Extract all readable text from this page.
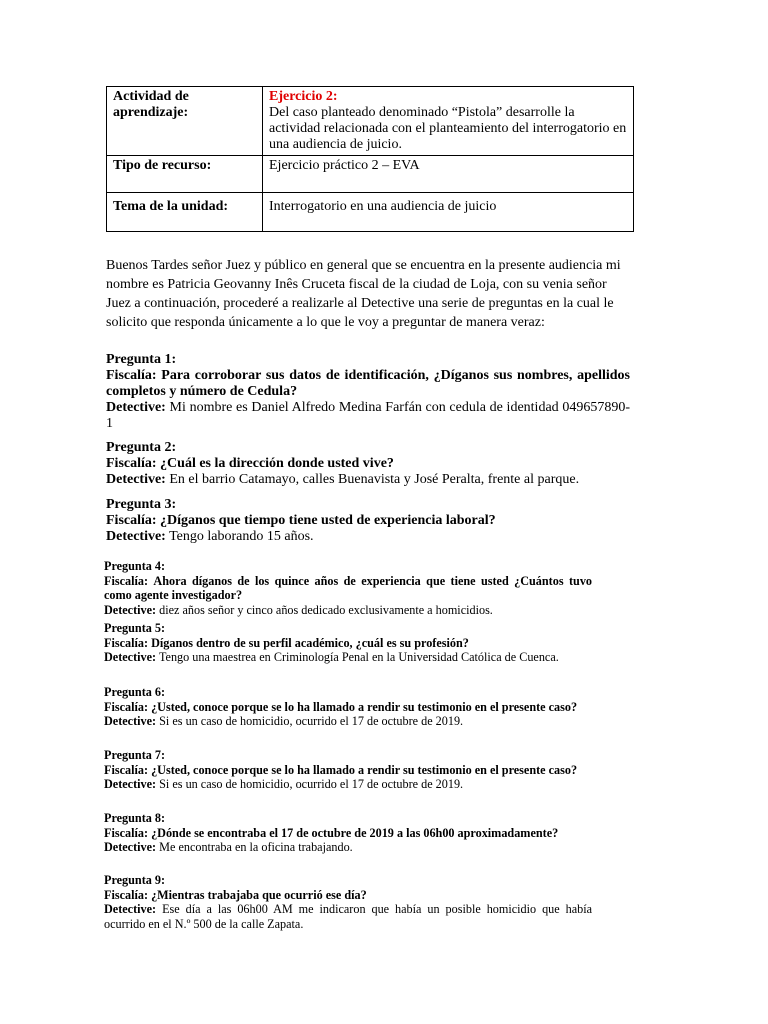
Actividad de aprendizaje:	Ejercicio 2:
Del caso planteado denominado “Pistola” desarrolle la actividad relacionada con el planteamiento del interrogatorio en una audiencia de juicio.

Tipo de recurso:	Ejercicio práctico 2 – EVA
Tema de la unidad:	Interrogatorio en una audiencia de juicio
Buenos Tardes señor Juez y público en general que se encuentra en la presente audiencia mi nombre es Patricia Geovanny Inês Cruceta fiscal de la ciudad de Loja, con su venia señor Juez a continuación, procederé a realizarle al Detective una serie de preguntas en la cual le solicito que responda únicamente a lo que le voy a preguntar de manera veraz:
Pregunta 1:
Fiscalía: Para corroborar sus datos de identificación, ¿Díganos sus nombres, apellidos completos y número de Cedula?
Detective: Mi nombre es Daniel Alfredo Medina Farfán con cedula de identidad 049657890-1
Pregunta 2:
Fiscalía: ¿Cuál es la dirección donde usted vive?
Detective: En el barrio Catamayo, calles Buenavista y José Peralta, frente al parque.
Pregunta 3:
Fiscalía: ¿Díganos que tiempo tiene usted de experiencia laboral?
Detective: Tengo laborando 15 años.
Pregunta 4:
Fiscalía: Ahora díganos de los quince años de experiencia que tiene usted ¿Cuántos tuvo como agente investigador?
Detective: diez años señor y cinco años dedicado exclusivamente a homicidios.
Pregunta 5:
Fiscalía: Díganos dentro de su perfil académico, ¿cuál es su profesión?
Detective: Tengo una maestrea en Criminología Penal en la Universidad Católica de Cuenca.
Pregunta 6:
Fiscalía: ¿Usted, conoce porque se lo ha llamado a rendir su testimonio en el presente caso?
Detective: Si es un caso de homicidio, ocurrido el 17 de octubre de 2019.
Pregunta 7:
Fiscalía: ¿Usted, conoce porque se lo ha llamado a rendir su testimonio en el presente caso?
Detective: Si es un caso de homicidio, ocurrido el 17 de octubre de 2019.
Pregunta 8:
Fiscalía: ¿Dónde se encontraba el 17 de octubre de 2019 a las 06h00 aproximadamente?
Detective: Me encontraba en la oficina trabajando.
Pregunta 9:
Fiscalía: ¿Mientras trabajaba que ocurrió ese día?
Detective: Ese día a las 06h00 AM me indicaron que había un posible homicidio que había ocurrido en el N.º 500 de la calle Zapata.
